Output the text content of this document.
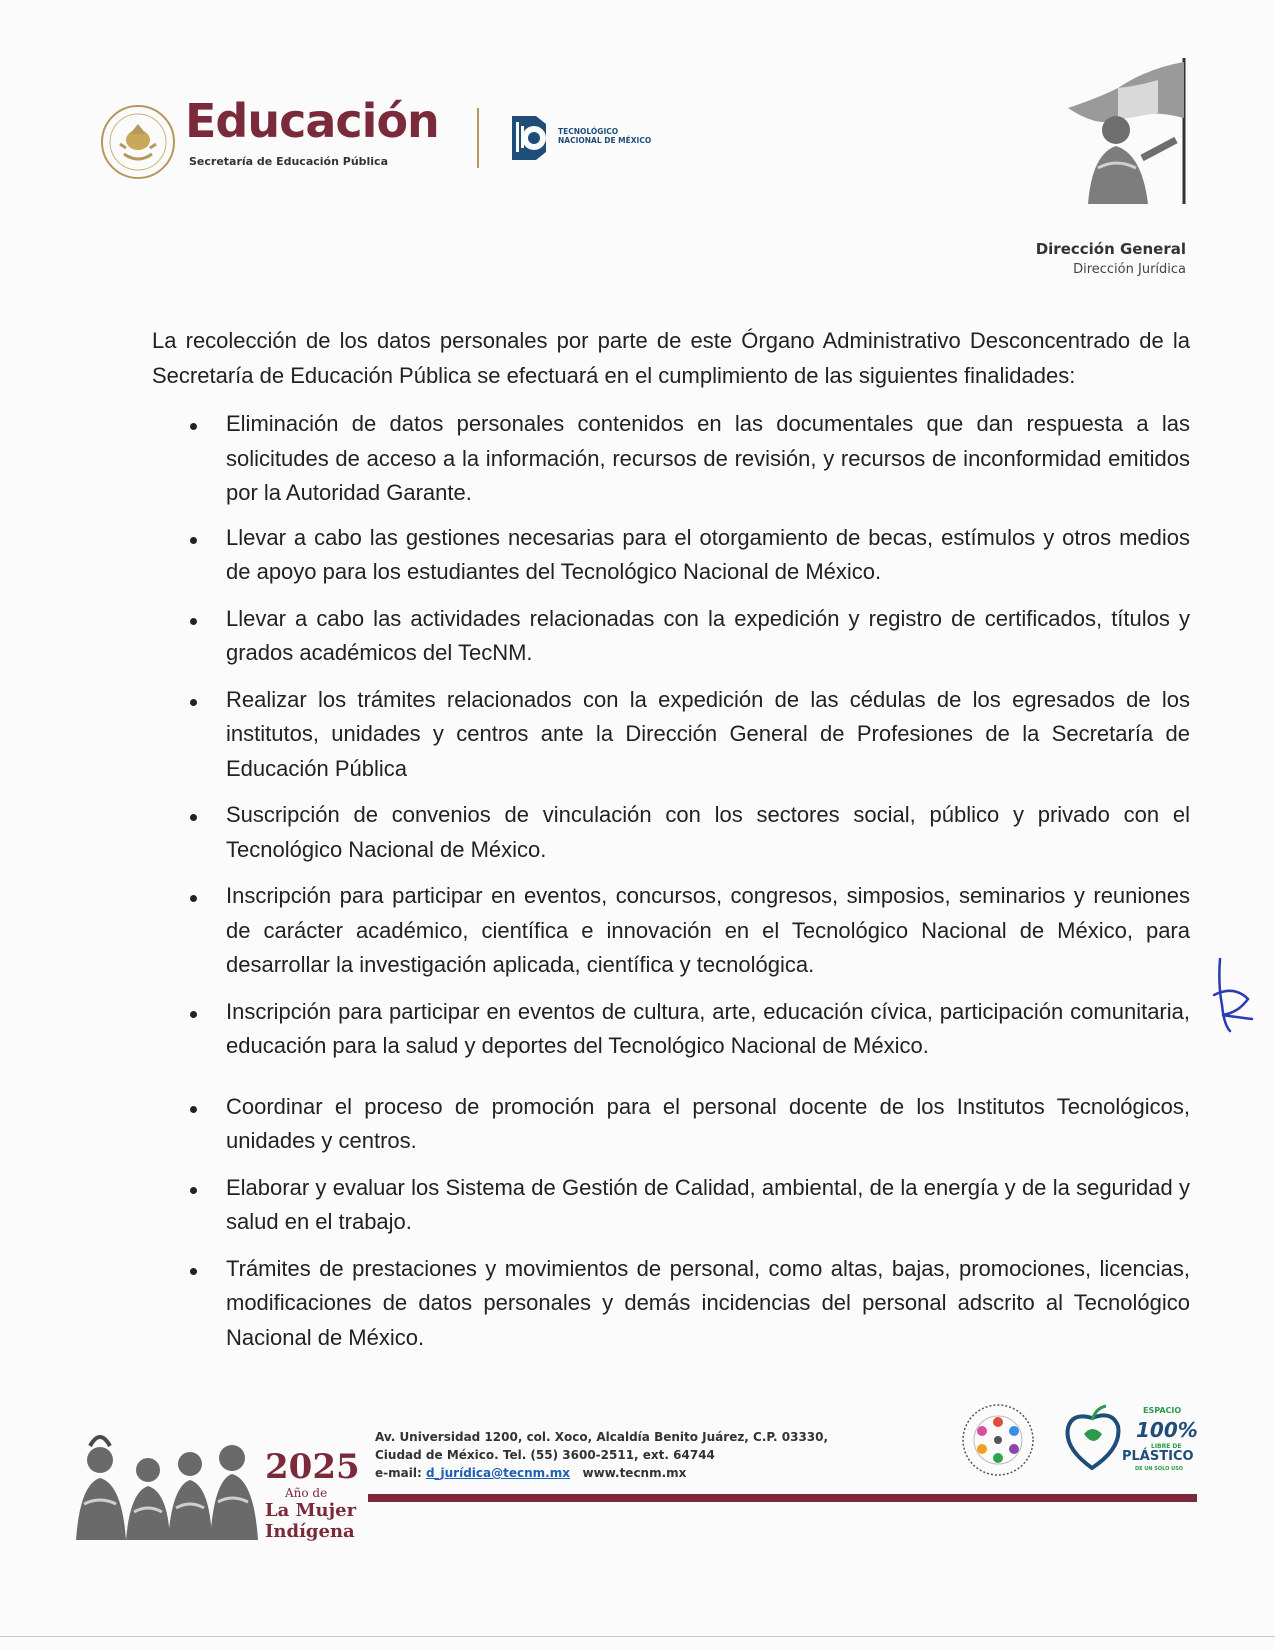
Educación
Secretaría de Educación Pública
TECNOLÓGICO
NACIONAL DE MÉXICO
Dirección General
Dirección Jurídica

La recolección de los datos personales por parte de este Órgano Administrativo Desconcentrado de la Secretaría de Educación Pública se efectuará en el cumplimiento de las siguientes finalidades:

Eliminación de datos personales contenidos en las documentales que dan respuesta a las solicitudes de acceso a la información, recursos de revisión, y recursos de inconformidad emitidos por la Autoridad Garante.
Llevar a cabo las gestiones necesarias para el otorgamiento de becas, estímulos y otros medios de apoyo para los estudiantes del Tecnológico Nacional de México.
Llevar a cabo las actividades relacionadas con la expedición y registro de certificados, títulos y grados académicos del TecNM.
Realizar los trámites relacionados con la expedición de las cédulas de los egresados de los institutos, unidades y centros ante la Dirección General de Profesiones de la Secretaría de Educación Pública
Suscripción de convenios de vinculación con los sectores social, público y privado con el Tecnológico Nacional de México.
Inscripción para participar en eventos, concursos, congresos, simposios, seminarios y reuniones de carácter académico, científica e innovación en el Tecnológico Nacional de México, para desarrollar la investigación aplicada, científica y tecnológica.
Inscripción para participar en eventos de cultura, arte, educación cívica, participación comunitaria, educación para la salud y deportes del Tecnológico Nacional de México.
Coordinar el proceso de promoción para el personal docente de los Institutos Tecnológicos, unidades y centros.
Elaborar y evaluar los Sistema de Gestión de Calidad, ambiental, de la energía y de la seguridad y salud en el trabajo.
Trámites de prestaciones y movimientos de personal, como altas, bajas, promociones, licencias, modificaciones de datos personales y demás incidencias del personal adscrito al Tecnológico Nacional de México.
2025
Año de
La Mujer
Indígena
Av. Universidad 1200, col. Xoco, Alcaldía Benito Juárez, C.P. 03330,
Ciudad de México. Tel. (55) 3600-2511, ext. 64744
e-mail: d_jurídica@tecnm.mx www.tecnm.mx
ESPACIO
100%
LIBRE DE
PLÁSTICO
DE UN SOLO USO
